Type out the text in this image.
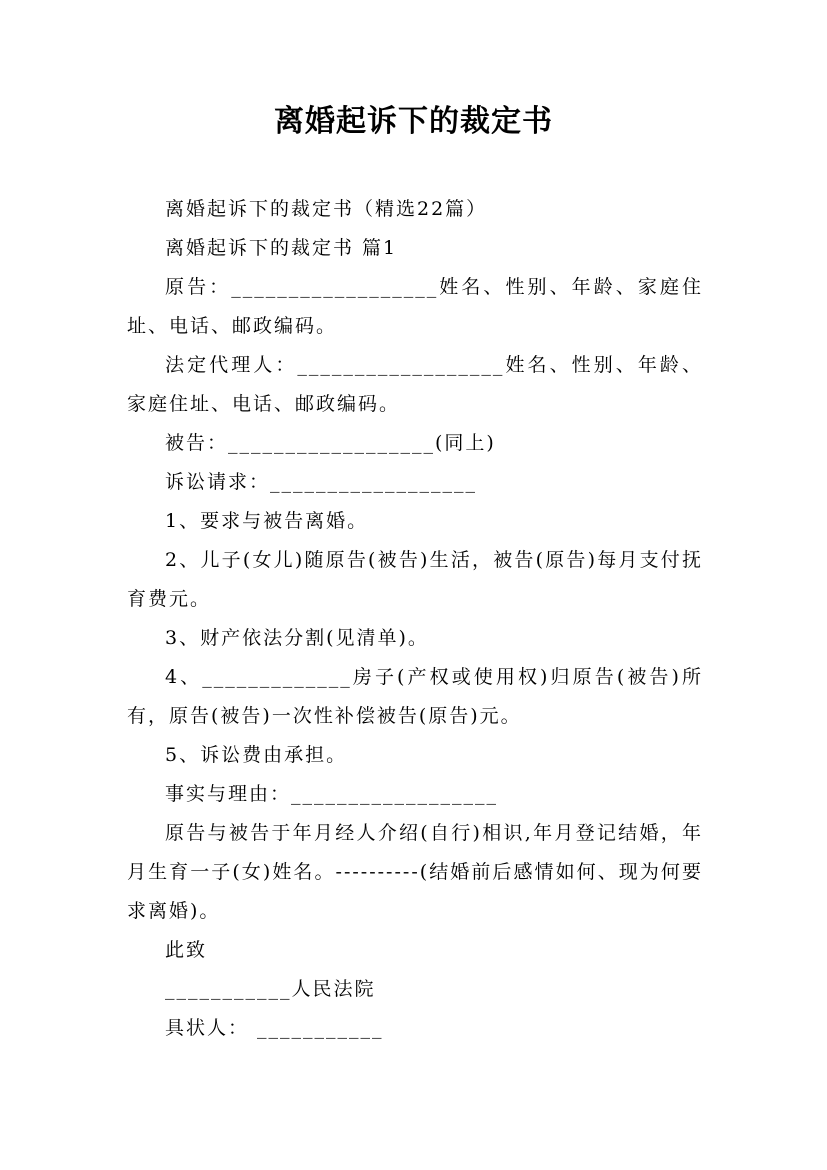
离婚起诉下的裁定书

离婚起诉下的裁定书（精选22篇）

离婚起诉下的裁定书 篇1

原告：__________________姓名、性别、年龄、家庭住址、电话、邮政编码。

法定代理人：__________________姓名、性别、年龄、家庭住址、电话、邮政编码。

被告：__________________(同上)

诉讼请求：__________________

1、要求与被告离婚。

2、儿子(女儿)随原告(被告)生活，被告(原告)每月支付抚育费元。

3、财产依法分割(见清单)。

4、_____________房子(产权或使用权)归原告(被告)所有，原告(被告)一次性补偿被告(原告)元。

5、诉讼费由承担。

事实与理由：__________________

原告与被告于年月经人介绍(自行)相识,年月登记结婚，年月生育一子(女)姓名。----------(结婚前后感情如何、现为何要求离婚)。

此致

___________人民法院

具状人： ___________
